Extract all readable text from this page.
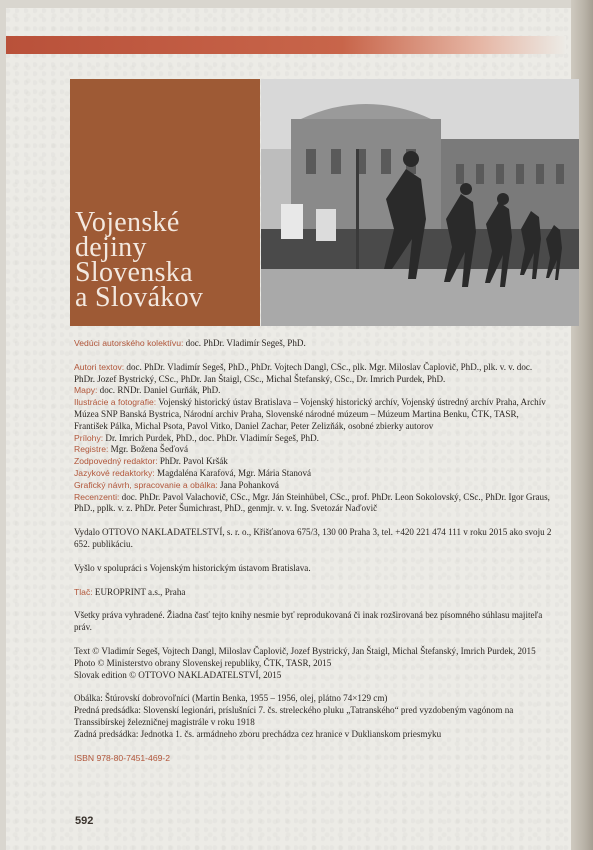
Vojenské
dejiny
Slovenska
a Slovákov

Vedúci autorského kolektívu: doc. PhDr. Vladimír Segeš, PhD.

Autori textov: doc. PhDr. Vladimír Segeš, PhD., PhDr. Vojtech Dangl, CSc., plk. Mgr. Miloslav Čaplovič, PhD., plk. v. v. doc. PhDr. Jozef Bystrický, CSc., PhDr. Jan Štaigl, CSc., Michal Štefanský, CSc., Dr. Imrich Purdek, PhD.

Mapy: doc. RNDr. Daniel Gurňák, PhD.

Ilustrácie a fotografie: Vojenský historický ústav Bratislava – Vojenský historický archív, Vojenský ústredný archív Praha, Archív Múzea SNP Banská Bystrica, Národní archiv Praha, Slovenské národné múzeum – Múzeum Martina Benku, ČTK, TASR, František Pálka, Michal Psota, Pavol Vitko, Daniel Zachar, Peter Zelizňák, osobné zbierky autorov

Prílohy: Dr. Imrich Purdek, PhD., doc. PhDr. Vladimír Segeš, PhD.

Registre: Mgr. Božena Šeďová

Zodpovedný redaktor: PhDr. Pavol Kršák

Jazykové redaktorky: Magdaléna Karafová, Mgr. Mária Stanová

Grafický návrh, spracovanie a obálka: Jana Pohanková

Recenzenti: doc. PhDr. Pavol Valachovič, CSc., Mgr. Ján Steinhübel, CSc., prof. PhDr. Leon Sokolovský, CSc., PhDr. Igor Graus, PhD., pplk. v. z. PhDr. Peter Šumichrast, PhD., genmjr. v. v. Ing. Svetozár Naďovič

Vydalo OTTOVO NAKLADATELSTVÍ, s. r. o., Křišťanova 675/3, 130 00 Praha 3, tel. +420 221 474 111 v roku 2015 ako svoju 2 652. publikáciu.

Vyšlo v spolupráci s Vojenským historickým ústavom Bratislava.

Tlač: EUROPRINT a.s., Praha

Všetky práva vyhradené. Žiadna časť tejto knihy nesmie byť reprodukovaná či inak rozširovaná bez písomného súhlasu majiteľa práv.

Text © Vladimír Segeš, Vojtech Dangl, Miloslav Čaplovič, Jozef Bystrický, Jan Štaigl, Michal Štefanský, Imrich Purdek, 2015

Photo © Ministerstvo obrany Slovenskej republiky, ČTK, TASR, 2015

Slovak edition © OTTOVO NAKLADATELSTVÍ, 2015

Obálka: Štúrovskí dobrovoľníci (Martin Benka, 1955 – 1956, olej, plátno 74×129 cm)

Predná predsádka: Slovenskí legionári, príslušníci 7. čs. streleckého pluku „Tatranského“ pred vyzdobeným vagónom na Transsibírskej železničnej magistrále v roku 1918

Zadná predsádka: Jednotka 1. čs. armádneho zboru prechádza cez hranice v Duklianskom priesmyku

ISBN 978-80-7451-469-2

592
